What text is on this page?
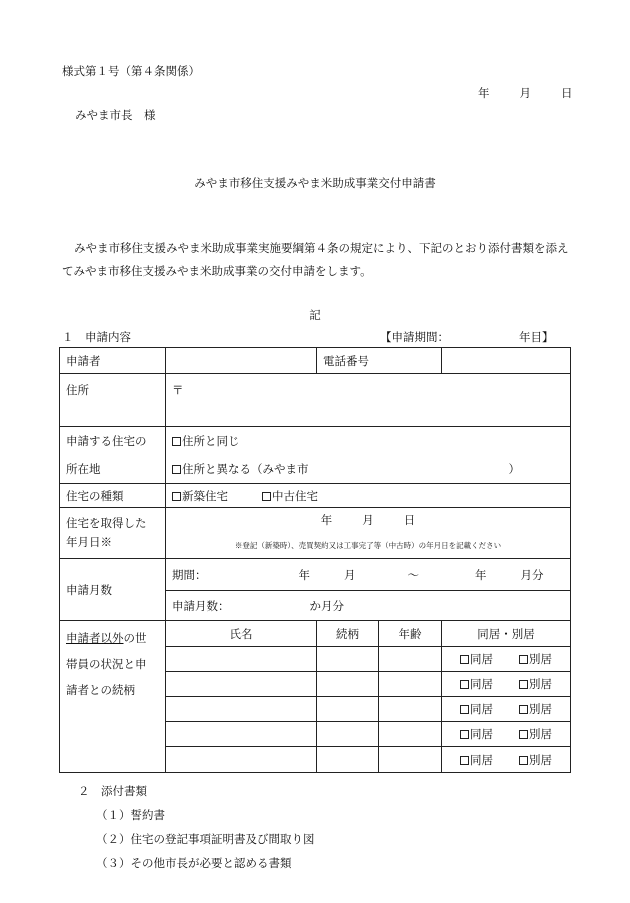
様式第１号（第４条関係）
年	月	日
みやま市長　様
みやま市移住支援みやま米助成事業交付申請書
みやま市移住支援みやま米助成事業実施要綱第４条の規定により、下記のとおり添付書類を添えてみやま市移住支援みやま米助成事業の交付申請をします。
記
１　申請内容	【申請期間：	年目】
申請者		電話番号		
住所	〒			
申請する住宅の
所在地	住所と同じ
住所と異なる（みやま市 ）			
住宅の種類	新築住宅 中古住宅			
住宅を取得した
年月日※	年 月 日
※登記（新築時）、売買契約又は工事完了等（中古時）の年月日を記載ください			
申請月数	期間： 年 月 ～ 年 月分			
	申請月数： か月分			
申請者以外の世
帯員の状況と申
請者との続柄	氏名	続柄	年齢	同居・別居
				同居 別居
				同居 別居
				同居 別居
				同居 別居
				同居 別居
２　添付書類
（１）誓約書
（２）住宅の登記事項証明書及び間取り図
（３）その他市長が必要と認める書類
